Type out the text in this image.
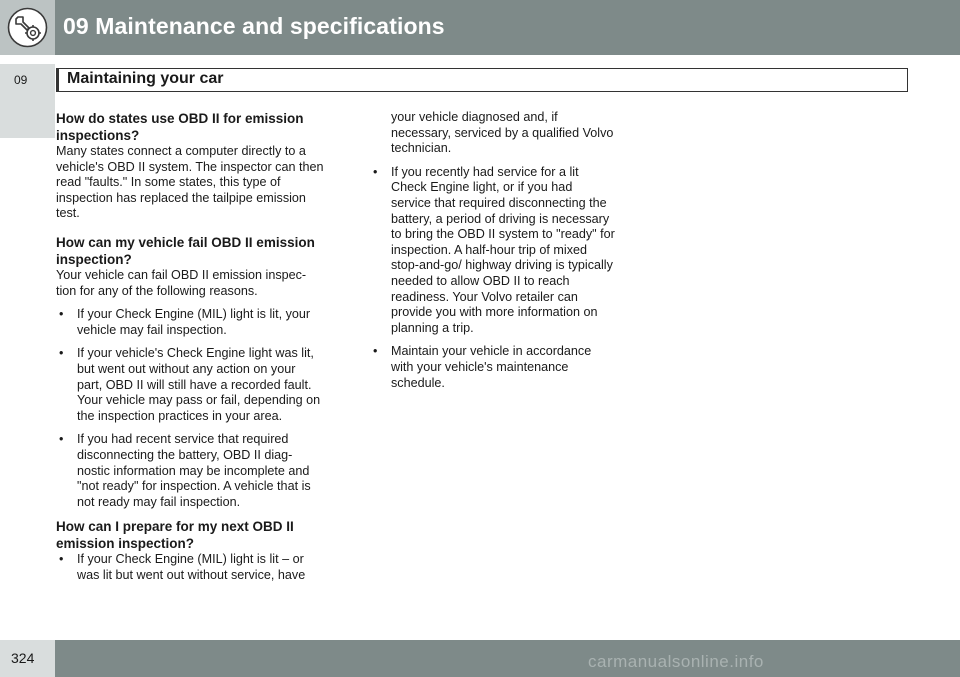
09 Maintenance and specifications
09 Maintaining your car

How do states use OBD II for emission inspections?

Many states connect a computer directly to a vehicle's OBD II system. The inspector can then read "faults." In some states, this type of inspection has replaced the tailpipe emission test.

How can my vehicle fail OBD II emission inspection?

Your vehicle can fail OBD II emission inspec-tion for any of the following reasons.

• If your Check Engine (MIL) light is lit, your vehicle may fail inspection.
• If your vehicle's Check Engine light was lit, but went out without any action on your part, OBD II will still have a recorded fault. Your vehicle may pass or fail, depending on the inspection practices in your area.
• If you had recent service that required disconnecting the battery, OBD II diag-nostic information may be incomplete and "not ready" for inspection. A vehicle that is not ready may fail inspection.

How can I prepare for my next OBD II emission inspection?

• If your Check Engine (MIL) light is lit – or was lit but went out without service, have
your vehicle diagnosed and, if necessary, serviced by a qualified Volvo technician.
• If you recently had service for a lit Check Engine light, or if you had service that required disconnecting the battery, a period of driving is necessary to bring the OBD II system to "ready" for inspection. A half-hour trip of mixed stop-and-go/ highway driving is typically needed to allow OBD II to reach readiness. Your Volvo retailer can provide you with more information on planning a trip.
• Maintain your vehicle in accordance with your vehicle's maintenance schedule.
324	carmanualsonline.info
